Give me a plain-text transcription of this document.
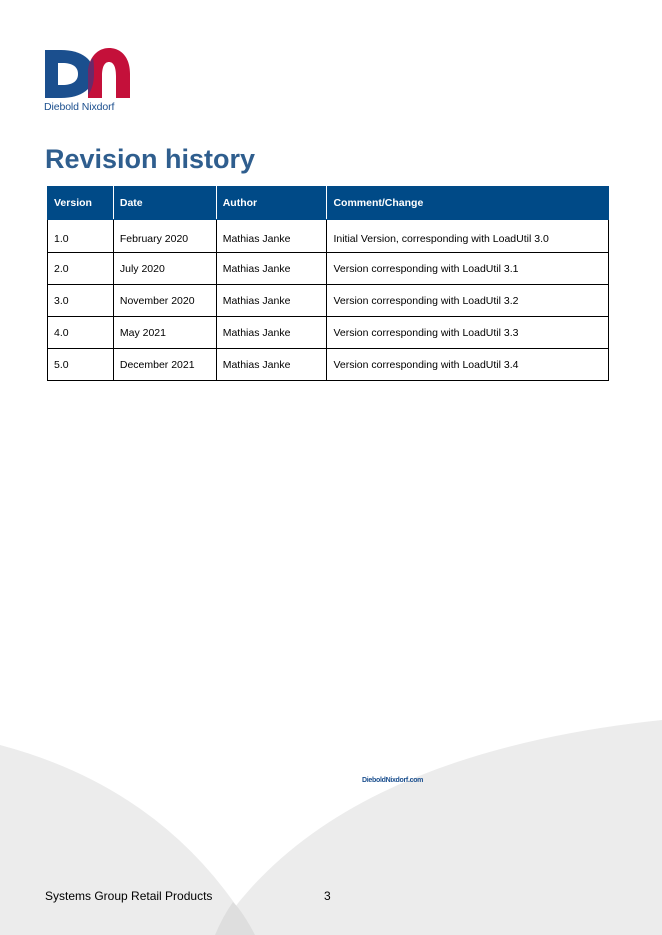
Diebold Nixdorf
Revision history
Version	Date	Author	Comment/Change
1.0	February 2020	Mathias Janke	Initial Version, corresponding with LoadUtil 3.0
2.0	July 2020	Mathias Janke	Version corresponding with LoadUtil 3.1
3.0	November 2020	Mathias Janke	Version corresponding with LoadUtil 3.2
4.0	May 2021	Mathias Janke	Version corresponding with LoadUtil 3.3
5.0	December 2021	Mathias Janke	Version corresponding with LoadUtil 3.4
DieboldNixdorf.com
Systems Group Retail Products	3
